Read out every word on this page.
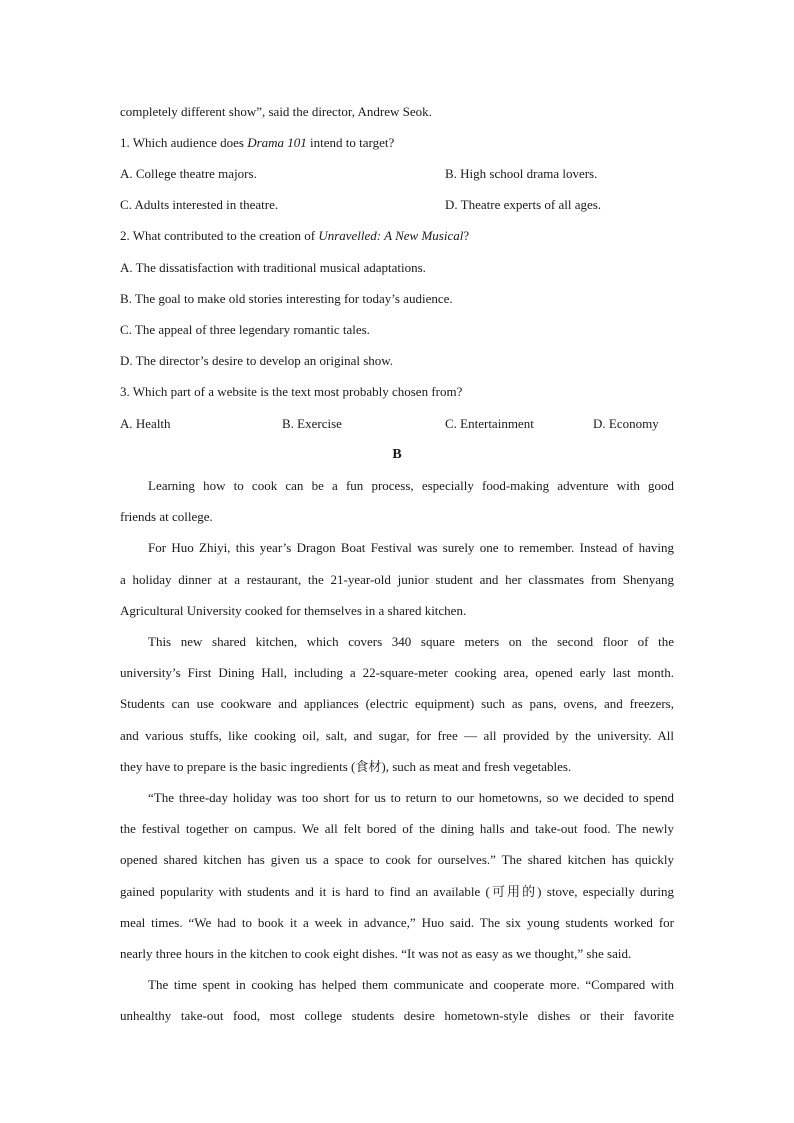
completely different show”, said the director, Andrew Seok.
1. Which audience does Drama 101 intend to target?
A. College theatre majors.	B. High school drama lovers.
C. Adults interested in theatre.	D. Theatre experts of all ages.
2. What contributed to the creation of Unravelled: A New Musical?
A. The dissatisfaction with traditional musical adaptations.
B. The goal to make old stories interesting for today’s audience.
C. The appeal of three legendary romantic tales.
D. The director’s desire to develop an original show.
3. Which part of a website is the text most probably chosen from?
A. Health	B. Exercise	C. Entertainment	D. Economy
B
Learning how to cook can be a fun process, especially food-making adventure with good
friends at college.
For Huo Zhiyi, this year’s Dragon Boat Festival was surely one to remember. Instead of having
a holiday dinner at a restaurant, the 21-year-old junior student and her classmates from Shenyang
Agricultural University cooked for themselves in a shared kitchen.
This new shared kitchen, which covers 340 square meters on the second floor of the
university’s First Dining Hall, including a 22-square-meter cooking area, opened early last month.
Students can use cookware and appliances (electric equipment) such as pans, ovens, and freezers,
and various stuffs, like cooking oil, salt, and sugar, for free — all provided by the university. All
they have to prepare is the basic ingredients (食材), such as meat and fresh vegetables.
“The three-day holiday was too short for us to return to our hometowns, so we decided to spend
the festival together on campus. We all felt bored of the dining halls and take-out food. The newly
opened shared kitchen has given us a space to cook for ourselves.” The shared kitchen has quickly
gained popularity with students and it is hard to find an available (可用的) stove, especially during
meal times. “We had to book it a week in advance,” Huo said. The six young students worked for
nearly three hours in the kitchen to cook eight dishes. “It was not as easy as we thought,” she said.
The time spent in cooking has helped them communicate and cooperate more. “Compared with
unhealthy take-out food, most college students desire hometown-style dishes or their favorite
